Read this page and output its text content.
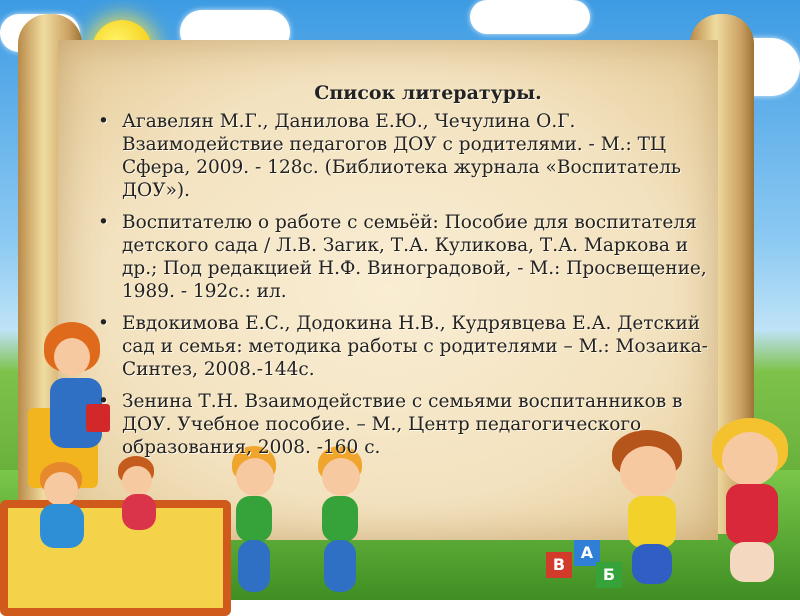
В
А
Б
Список литературы.
• Агавелян М.Г., Данилова Е.Ю., Чечулина О.Г. Взаимодействие педагогов ДОУ с родителями. - М.: ТЦ Сфера, 2009. - 128с. (Библиотека журнала «Воспитатель ДОУ»).
• Воспитателю о работе с семьёй: Пособие для воспитателя детского сада / Л.В. Загик, Т.А. Куликова, Т.А. Маркова и др.; Под редакцией Н.Ф. Виноградовой, - М.: Просвещение, 1989. - 192с.: ил.
• Евдокимова Е.С., Додокина Н.В., Кудрявцева Е.А. Детский сад и семья: методика работы с родителями – М.: Мозаика-Синтез, 2008.-144с.
• Зенина Т.Н. Взаимодействие с семьями воспитанников в ДОУ. Учебное пособие. – М., Центр педагогического образования, 2008. -160 с.
